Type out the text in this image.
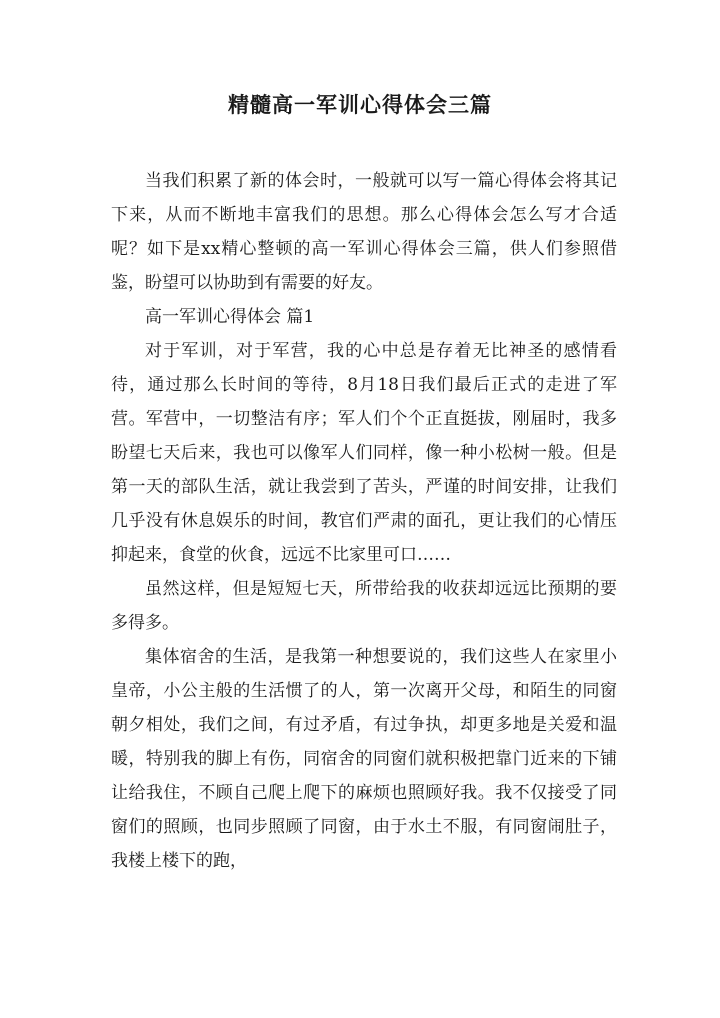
精髓高一军训心得体会三篇

当我们积累了新的体会时，一般就可以写一篇心得体会将其记下来，从而不断地丰富我们的思想。那么心得体会怎么写才合适呢？如下是xx精心整顿的高一军训心得体会三篇，供人们参照借鉴，盼望可以协助到有需要的好友。

高一军训心得体会 篇1

对于军训，对于军营，我的心中总是存着无比神圣的感情看待，通过那么长时间的等待，8月18日我们最后正式的走进了军营。军营中，一切整洁有序；军人们个个正直挺拔，刚届时，我多盼望七天后来，我也可以像军人们同样，像一种小松树一般。但是第一天的部队生活，就让我尝到了苦头，严谨的时间安排，让我们几乎没有休息娱乐的时间，教官们严肃的面孔，更让我们的心情压抑起来，食堂的伙食，远远不比家里可口……

虽然这样，但是短短七天，所带给我的收获却远远比预期的要多得多。

集体宿舍的生活，是我第一种想要说的，我们这些人在家里小皇帝，小公主般的生活惯了的人，第一次离开父母，和陌生的同窗朝夕相处，我们之间，有过矛盾，有过争执，却更多地是关爱和温暖，特别我的脚上有伤，同宿舍的同窗们就积极把靠门近来的下铺让给我住，不顾自己爬上爬下的麻烦也照顾好我。我不仅接受了同窗们的照顾，也同步照顾了同窗，由于水土不服，有同窗闹肚子，我楼上楼下的跑，
